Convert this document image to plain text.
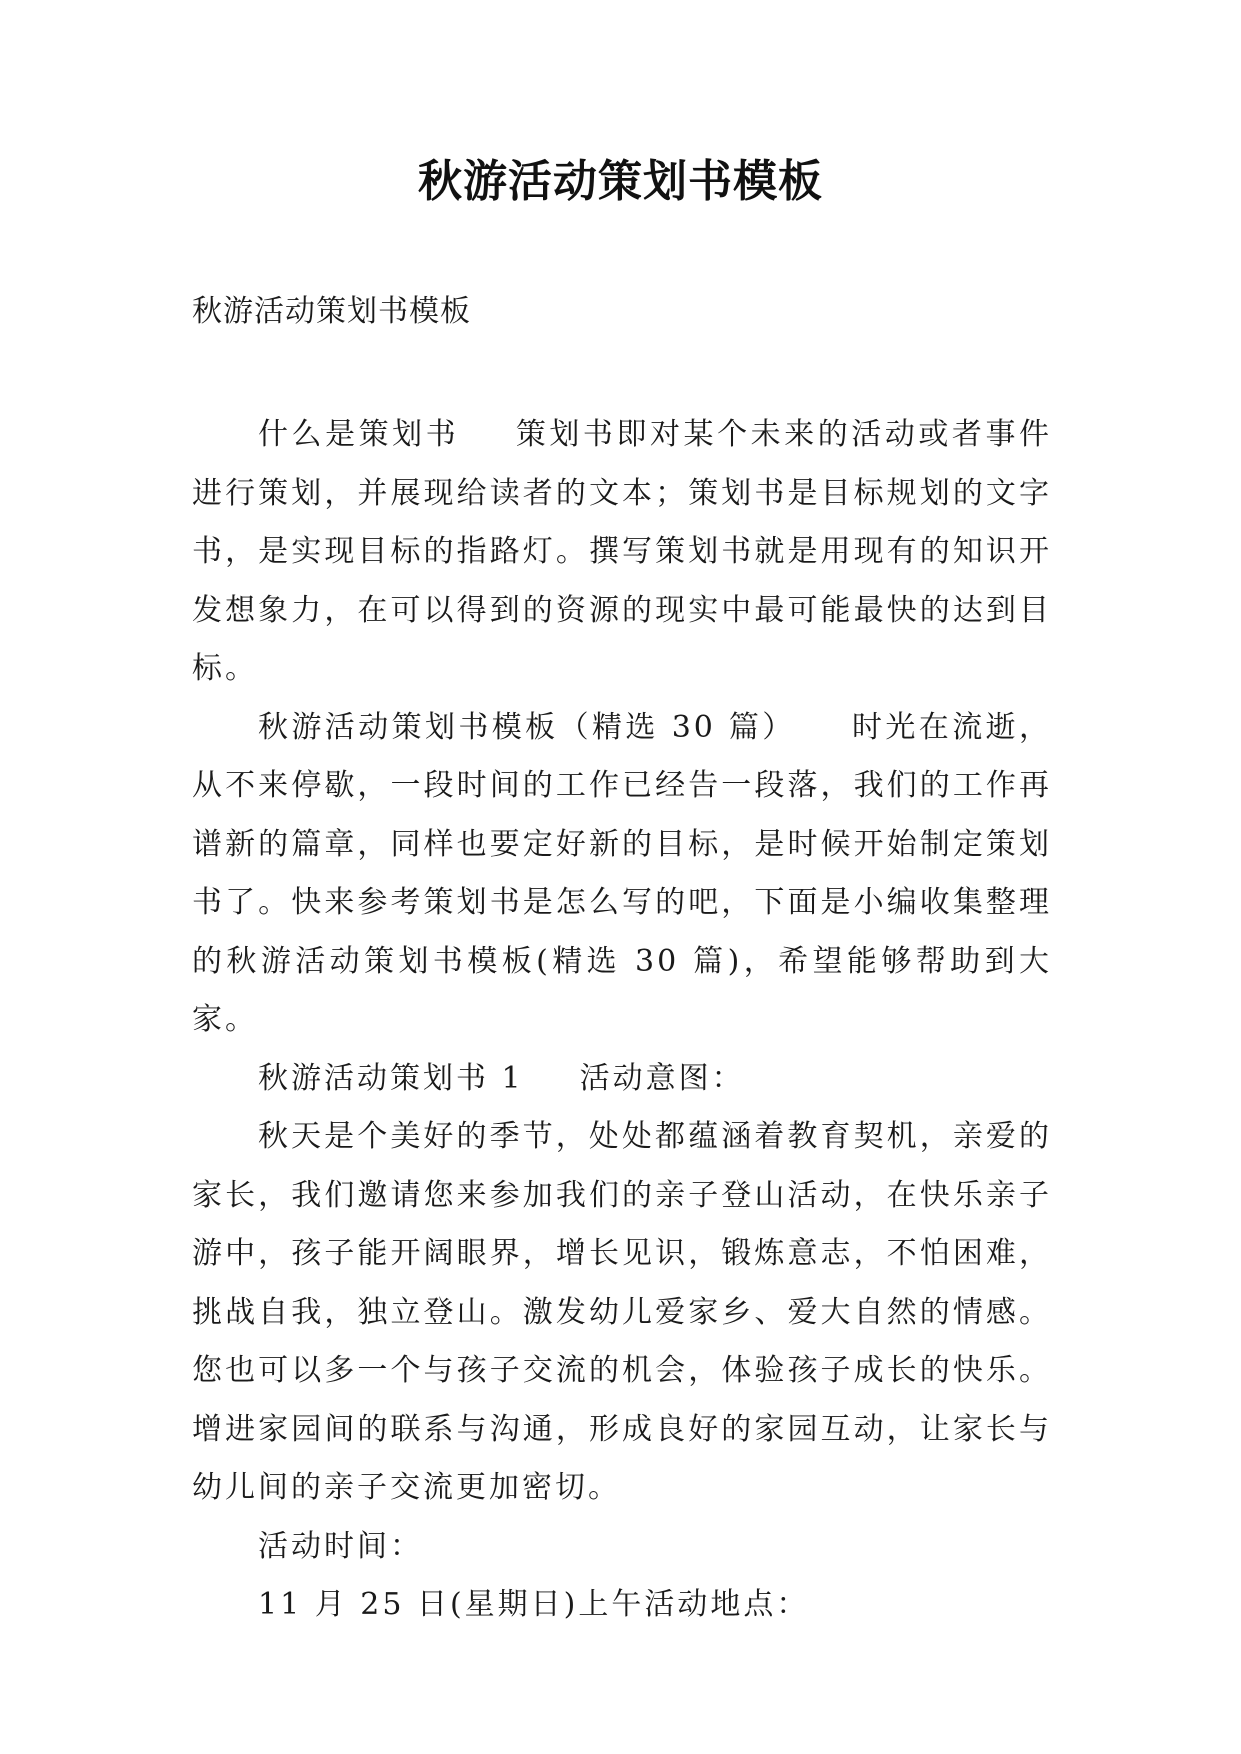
秋游活动策划书模板
秋游活动策划书模板

什么是策划书 策划书即对某个未来的活动或者事件进行策划，并展现给读者的文本；策划书是目标规划的文字书，是实现目标的指路灯。撰写策划书就是用现有的知识开发想象力，在可以得到的资源的现实中最可能最快的达到目标。

秋游活动策划书模板（精选 30 篇） 时光在流逝，从不来停歇，一段时间的工作已经告一段落，我们的工作再谱新的篇章，同样也要定好新的目标，是时候开始制定策划书了。快来参考策划书是怎么写的吧，下面是小编收集整理的秋游活动策划书模板(精选 30 篇)，希望能够帮助到大家。

秋游活动策划书 1 活动意图：

秋天是个美好的季节，处处都蕴涵着教育契机，亲爱的家长，我们邀请您来参加我们的亲子登山活动，在快乐亲子游中，孩子能开阔眼界，增长见识，锻炼意志，不怕困难，挑战自我，独立登山。激发幼儿爱家乡、爱大自然的情感。您也可以多一个与孩子交流的机会，体验孩子成长的快乐。增进家园间的联系与沟通，形成良好的家园互动，让家长与幼儿间的亲子交流更加密切。

活动时间：

11 月 25 日(星期日)上午活动地点：
